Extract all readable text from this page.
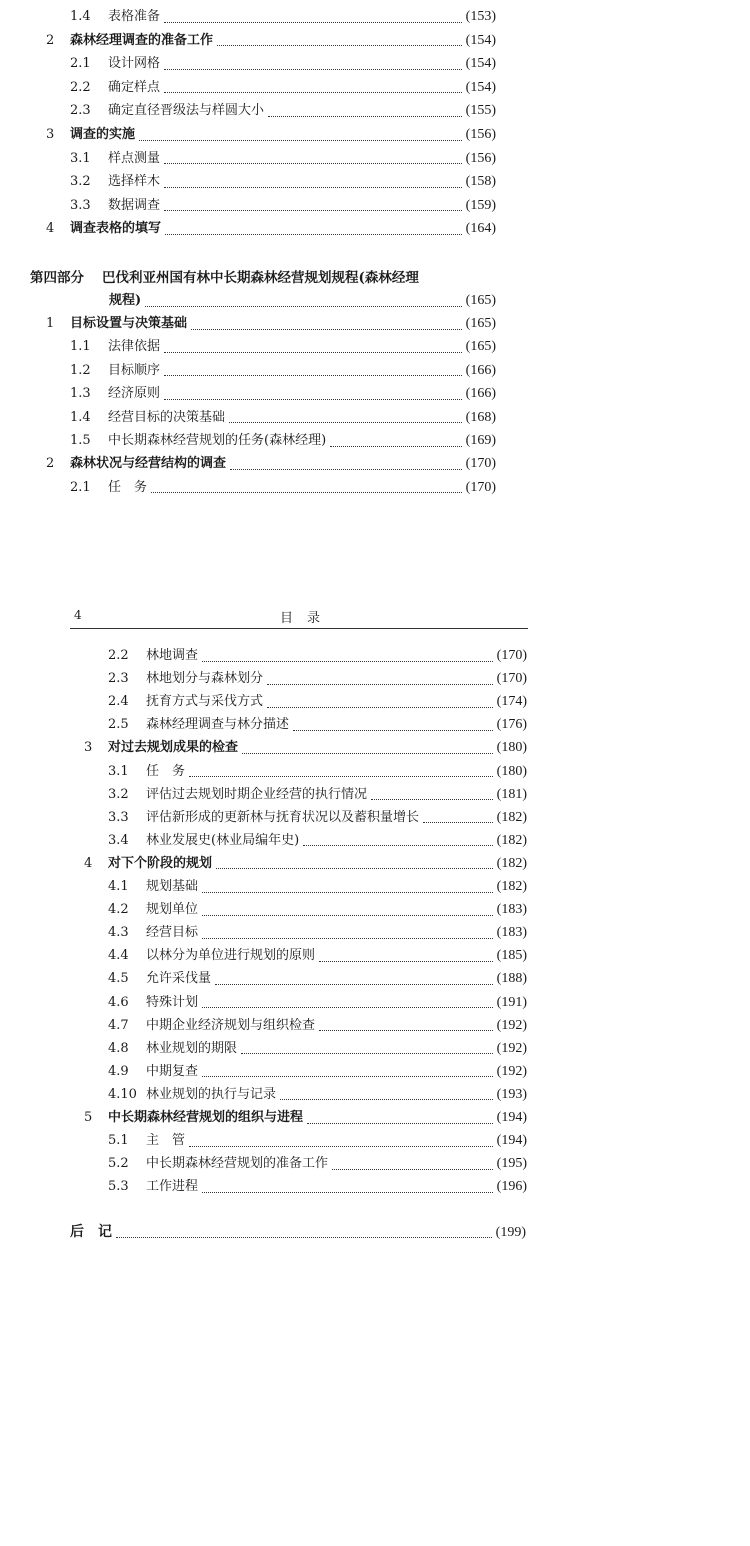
1.4	表格准备	(153)
2	森林经理调查的准备工作	(154)
2.1	设计网格	(154)
2.2	确定样点	(154)
2.3	确定直径晋级法与样圆大小	(155)
3	调查的实施	(156)
3.1	样点测量	(156)
3.2	选择样木	(158)
3.3	数据调查	(159)
4	调查表格的填写	(164)
第四部分 巴伐利亚州国有林中长期森林经营规划规程(森林经理
规程)	(165)
1	目标设置与决策基础	(165)
1.1	法律依据	(165)
1.2	目标顺序	(166)
1.3	经济原则	(166)
1.4	经营目标的决策基础	(168)
1.5	中长期森林经营规划的任务(森林经理)	(169)
2	森林状况与经营结构的调查	(170)
2.1	任　务	(170)
4	目录
2.2	林地调查	(170)
2.3	林地划分与森林划分	(170)
2.4	抚育方式与采伐方式	(174)
2.5	森林经理调查与林分描述	(176)
3	对过去规划成果的检查	(180)
3.1	任　务	(180)
3.2	评估过去规划时期企业经营的执行情况	(181)
3.3	评估新形成的更新林与抚育状况以及蓄积量增长	(182)
3.4	林业发展史(林业局编年史)	(182)
4	对下个阶段的规划	(182)
4.1	规划基础	(182)
4.2	规划单位	(183)
4.3	经营目标	(183)
4.4	以林分为单位进行规划的原则	(185)
4.5	允许采伐量	(188)
4.6	特殊计划	(191)
4.7	中期企业经济规划与组织检查	(192)
4.8	林业规划的期限	(192)
4.9	中期复查	(192)
4.10 林业规划的执行与记录	(193)
5	中长期森林经营规划的组织与进程	(194)
5.1	主　管	(194)
5.2	中长期森林经营规划的准备工作	(195)
5.3	工作进程	(196)
后　记	(199)
